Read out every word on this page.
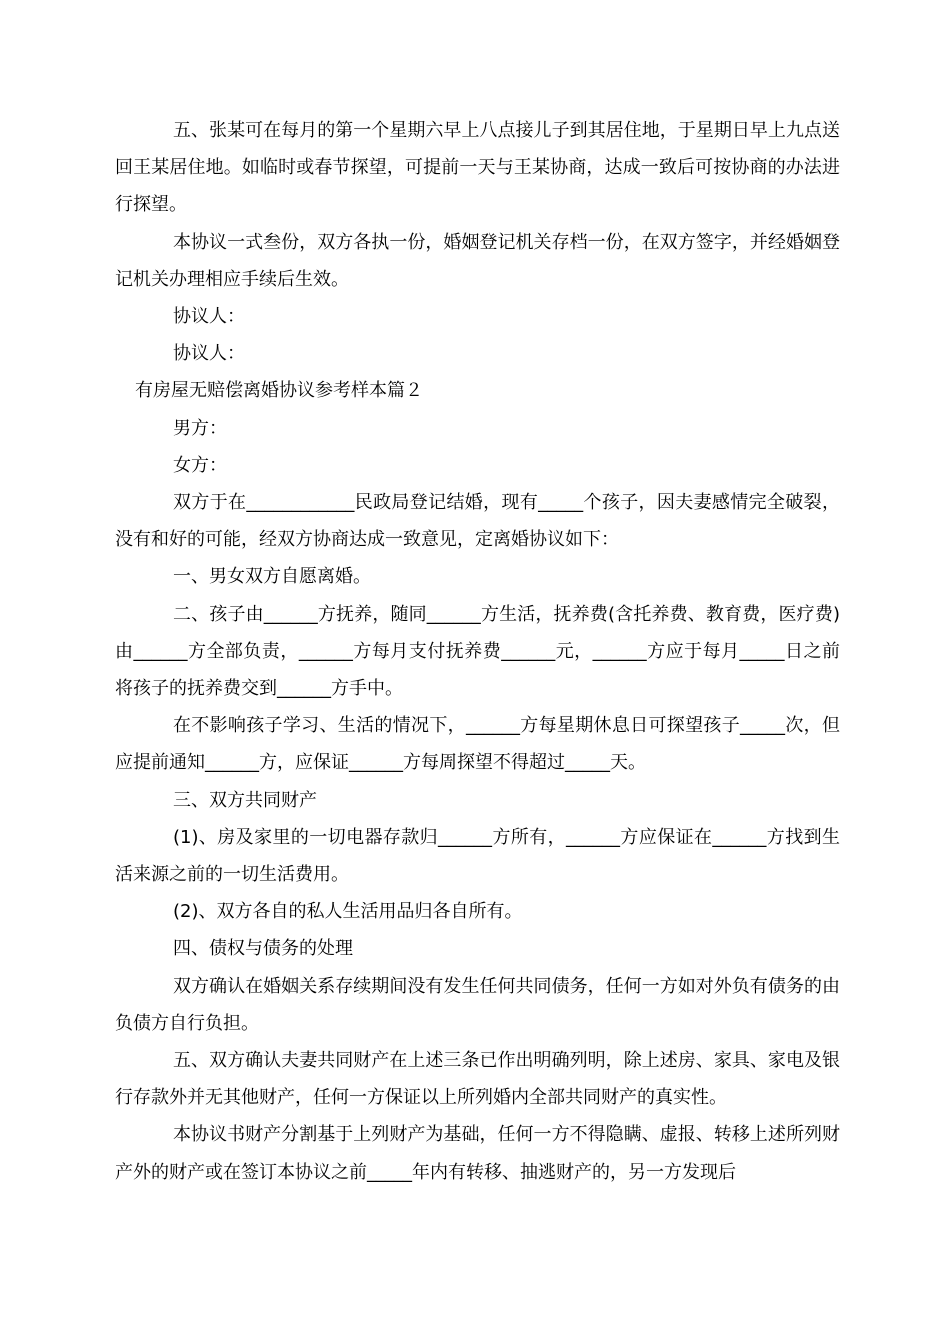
五、张某可在每月的第一个星期六早上八点接儿子到其居住地，于星期日早上九点送回王某居住地。如临时或春节探望，可提前一天与王某协商，达成一致后可按协商的办法进行探望。

本协议一式叁份，双方各执一份，婚姻登记机关存档一份，在双方签字，并经婚姻登记机关办理相应手续后生效。

协议人：

协议人：

有房屋无赔偿离婚协议参考样本篇２

男方：

女方：

双方于在____________民政局登记结婚，现有_____个孩子，因夫妻感情完全破裂，没有和好的可能，经双方协商达成一致意见，定离婚协议如下：

一、男女双方自愿离婚。

二、孩子由______方抚养，随同______方生活，抚养费(含托养费、教育费，医疗费)由______方全部负责，______方每月支付抚养费______元，______方应于每月_____日之前将孩子的抚养费交到______方手中。

在不影响孩子学习、生活的情况下，______方每星期休息日可探望孩子_____次，但应提前通知______方，应保证______方每周探望不得超过_____天。

三、双方共同财产

(1)、房及家里的一切电器存款归______方所有，______方应保证在______方找到生活来源之前的一切生活费用。

(2)、双方各自的私人生活用品归各自所有。

四、债权与债务的处理

双方确认在婚姻关系存续期间没有发生任何共同债务，任何一方如对外负有债务的由负债方自行负担。

五、双方确认夫妻共同财产在上述三条已作出明确列明，除上述房、家具、家电及银行存款外并无其他财产，任何一方保证以上所列婚内全部共同财产的真实性。

本协议书财产分割基于上列财产为基础，任何一方不得隐瞒、虚报、转移上述所列财产外的财产或在签订本协议之前_____年内有转移、抽逃财产的，另一方发现后
